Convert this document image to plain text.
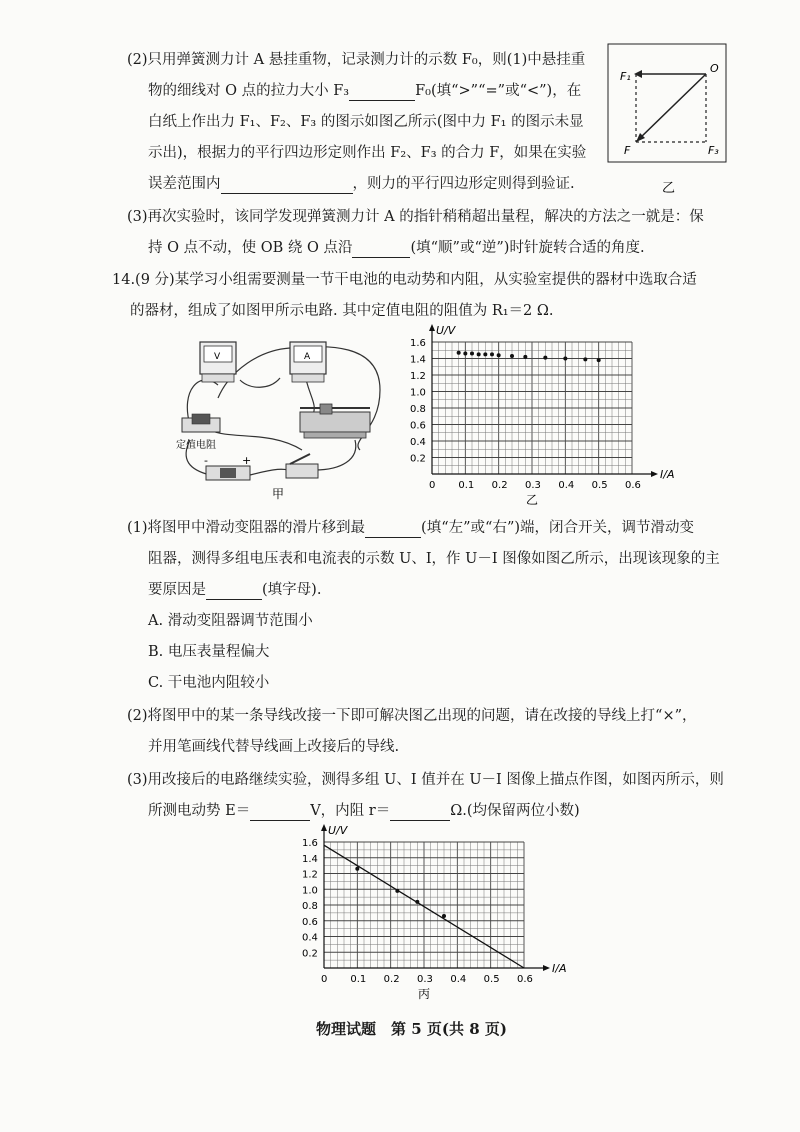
(2)只用弹簧测力计 A 悬挂重物，记录测力计的示数 F₀，则(1)中悬挂重
物的细线对 O 点的拉力大小 F₃	F₀(填“>”“=”或“<”)，在
白纸上作出力 F₁、F₂、F₃ 的图示如图乙所示(图中力 F₁ 的图示未显
示出)，根据力的平行四边形定则作出 F₂、F₃ 的合力 F，如果在实验
误差范围内	，则力的平行四边形定则得到验证.
(3)再次实验时，该同学发现弹簧测力计 A 的指针稍稍超出量程，解决的方法之一就是：保
持 O 点不动，使 OB 绕 O 点沿	(填“顺”或“逆”)时针旋转合适的角度.
F₁
O
F	F₃
乙
14.(9 分)某学习小组需要测量一节干电池的电动势和内阻，从实验室提供的器材中选取合适
的器材，组成了如图甲所示电路. 其中定值电阻的阻值为 R₁＝2 Ω.
V	A
定值电阻
-	+
甲
0 0.1 0.2 0.3 0.4 0.5 0.6
1.6
1.4
1.2
1.0
0.8
0.6
0.4
0.2
I/A
U/V
乙
(1)将图甲中滑动变阻器的滑片移到最	(填“左”或“右”)端，闭合开关，调节滑动变
阻器，测得多组电压表和电流表的示数 U、I，作 U－I 图像如图乙所示，出现该现象的主
要原因是	(填字母).
A. 滑动变阻器调节范围小
B. 电压表量程偏大
C. 干电池内阻较小
(2)将图甲中的某一条导线改接一下即可解决图乙出现的问题，请在改接的导线上打“×”，
并用笔画线代替导线画上改接后的导线.
(3)用改接后的电路继续实验，测得多组 U、I 值并在 U－I 图像上描点作图，如图丙所示，则
所测电动势 E＝	V，内阻 r＝	Ω.(均保留两位小数)
0 0.1 0.2 0.3 0.4 0.5 0.6
1.6
1.4
1.2
1.0
0.8
0.6
0.4
0.2
I/A
U/V
丙
物理试题　第 5 页(共 8 页)
